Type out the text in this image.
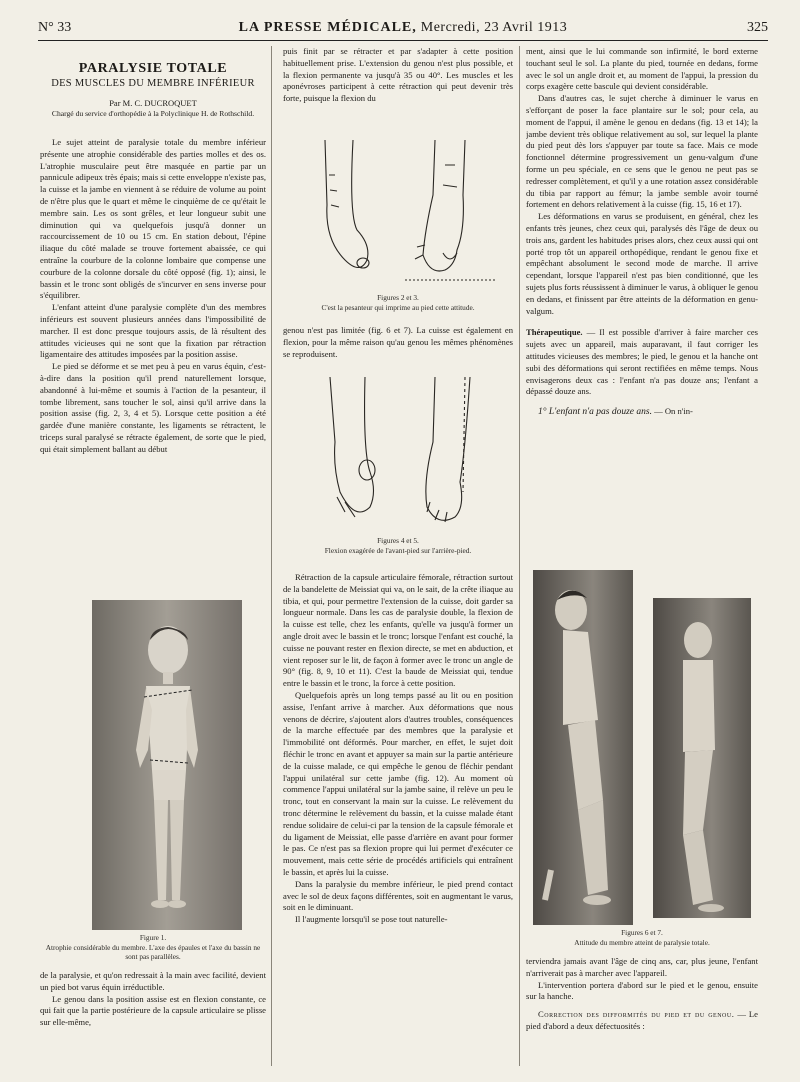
N° 33	LA PRESSE MÉDICALE, Mercredi, 23 Avril 1913	325
PARALYSIE TOTALE
DES MUSCLES DU MEMBRE INFÉRIEUR
Par M. C. DUCROQUET
Chargé du service d'orthopédie à la Polyclinique H. de Rothschild.

Le sujet atteint de paralysie totale du membre inférieur présente une atrophie considérable des parties molles et des os. L'atrophie musculaire peut être masquée en partie par un pannicule adipeux très épais; mais si cette enveloppe n'existe pas, la cuisse et la jambe en viennent à se réduire de volume au point de n'être plus que le quart et même le cinquième de ce qu'était le membre sain. Les os sont grêles, et leur longueur subit une diminution qui va quelquefois jusqu'à donner un raccourcissement de 10 ou 15 cm. En station debout, l'épine iliaque du côté malade se trouve fortement abaissée, ce qui entraîne la courbure de la colonne lombaire que compense une courbure de la colonne dorsale du côté opposé (fig. 1); ainsi, le bassin et le tronc sont obligés de s'incurver en sens inverse pour s'équilibrer.

L'enfant atteint d'une paralysie complète d'un des membres inférieurs est souvent plusieurs années dans l'impossibilité de marcher. Il est donc presque toujours assis, de là résultent des attitudes vicieuses qui ne sont que la fixation par rétraction ligamentaire des attitudes imposées par la position assise.

Le pied se déforme et se met peu à peu en varus équin, c'est-à-dire dans la position qu'il prend naturellement lorsque, abandonné à lui-même et soumis à l'action de la pesanteur, il tombe librement, sans toucher le sol, ainsi qu'il arrive dans la position assise (fig. 2, 3, 4 et 5). Lorsque cette position a été gardée d'une manière constante, les ligaments se rétractent, le triceps sural paralysé se rétracte également, de sorte que le pied, qui était simplement ballant au début

Figure 1.
Atrophie considérable du membre. L'axe des épaules et l'axe du bassin ne sont pas parallèles.

de la paralysie, et qu'on redressait à la main avec facilité, devient un pied bot varus équin irréductible.

Le genou dans la position assise est en flexion constante, ce qui fait que la partie postérieure de la capsule articulaire se plisse sur elle-même,

puis finit par se rétracter et par s'adapter à cette position habituellement prise. L'extension du genou n'est plus possible, et la flexion permanente va jusqu'à 35 ou 40°. Les muscles et les aponévroses participent à cette rétraction qui peut devenir très forte, puisque la flexion du

Figures 2 et 3.
C'est la pesanteur qui imprime au pied cette attitude.

genou n'est pas limitée (fig. 6 et 7). La cuisse est également en flexion, pour la même raison qu'au genou les mêmes phénomènes se reproduisent.

Figures 4 et 5.
Flexion exagérée de l'avant-pied sur l'arrière-pied.

Rétraction de la capsule articulaire fémorale, rétraction surtout de la bandelette de Meissiat qui va, on le sait, de la crête iliaque au tibia, et qui, pour permettre l'extension de la cuisse, doit garder sa longueur normale. Dans les cas de paralysie double, la flexion de la cuisse est telle, chez les enfants, qu'elle va jusqu'à former un angle droit avec le bassin et le tronc; lorsque l'enfant est couché, la cuisse ne pouvant rester en flexion directe, se met en abduction, et vient reposer sur le lit, de façon à former avec le tronc un angle de 90° (fig. 8, 9, 10 et 11). C'est la baude de Meissiat qui, tendue entre le bassin et le tronc, la force à cette position.

Quelquefois après un long temps passé au lit ou en position assise, l'enfant arrive à marcher. Aux déformations que nous venons de décrire, s'ajoutent alors d'autres troubles, conséquences de la marche effectuée par des membres que la paralysie et l'immobilité ont déformés. Pour marcher, en effet, le sujet doit fléchir le tronc en avant et appuyer sa main sur la partie antérieure de la cuisse malade, ce qui empêche le genou de fléchir pendant l'appui unilatéral sur cette jambe (fig. 12). Au moment où commence l'appui unilatéral sur la jambe saine, il relève un peu le tronc, tout en conservant la main sur la cuisse. Le relèvement du tronc détermine le relèvement du bassin, et la cuisse malade étant rendue solidaire de celui-ci par la tension de la capsule fémorale et du ligament de Meissiat, elle passe d'arrière en avant pour former le pas. Ce n'est pas sa flexion propre qui lui permet d'exécuter ce mouvement, mais cette série de procédés artificiels qui entraînent le bassin, et après lui la cuisse.

Dans la paralysie du membre inférieur, le pied prend contact avec le sol de deux façons différentes, soit en augmentant le varus, soit en le diminuant.

Il l'augmente lorsqu'il se pose tout naturelle-

ment, ainsi que le lui commande son infirmité, le bord externe touchant seul le sol. La plante du pied, tournée en dedans, forme avec le sol un angle droit et, au moment de l'appui, la pression du corps exagère cette bascule qui devient considérable.

Dans d'autres cas, le sujet cherche à diminuer le varus en s'efforçant de poser la face plantaire sur le sol; pour cela, au moment de l'appui, il amène le genou en dedans (fig. 13 et 14); la jambe devient très oblique relativement au sol, sur lequel la plante du pied peut dès lors s'appuyer par toute sa face. Mais ce mode fonctionnel détermine progressivement un genu-valgum d'une forme un peu spéciale, en ce sens que le genou ne peut pas se redresser complètement, et qu'il y a une rotation assez considérable du tibia par rapport au fémur; la jambe semble avoir tourné fortement en dehors relativement à la cuisse (fig. 15, 16 et 17).

Les déformations en varus se produisent, en général, chez les enfants très jeunes, chez ceux qui, paralysés dès l'âge de deux ou trois ans, gardent les habitudes prises alors, chez ceux aussi qui ont porté trop tôt un appareil orthopédique, rendant le genou fixe et empêchant absolument le second mode de marche. Il arrive cependant, lorsque l'appareil n'est pas bien conditionné, que les sujets plus forts réussissent à diminuer le varus, à obliquer le genou en dedans, et finissent par être atteints de la déformation en genu-valgum.

Thérapeutique. — Il est possible d'arriver à faire marcher ces sujets avec un appareil, mais auparavant, il faut corriger les attitudes vicieuses des membres; le pied, le genou et la hanche ont subi des déformations qui seront rectifiées en même temps. Nous envisagerons deux cas : l'enfant n'a pas douze ans; l'enfant a dépassé douze ans.

1° L'enfant n'a pas douze ans. — On n'in-

Figures 6 et 7.
Attitude du membre atteint de paralysie totale.

terviendra jamais avant l'âge de cinq ans, car, plus jeune, l'enfant n'arriverait pas à marcher avec l'appareil.

L'intervention portera d'abord sur le pied et le genou, ensuite sur la hanche.

Correction des difformités du pied et du genou. — Le pied d'abord a deux défectuosités :
